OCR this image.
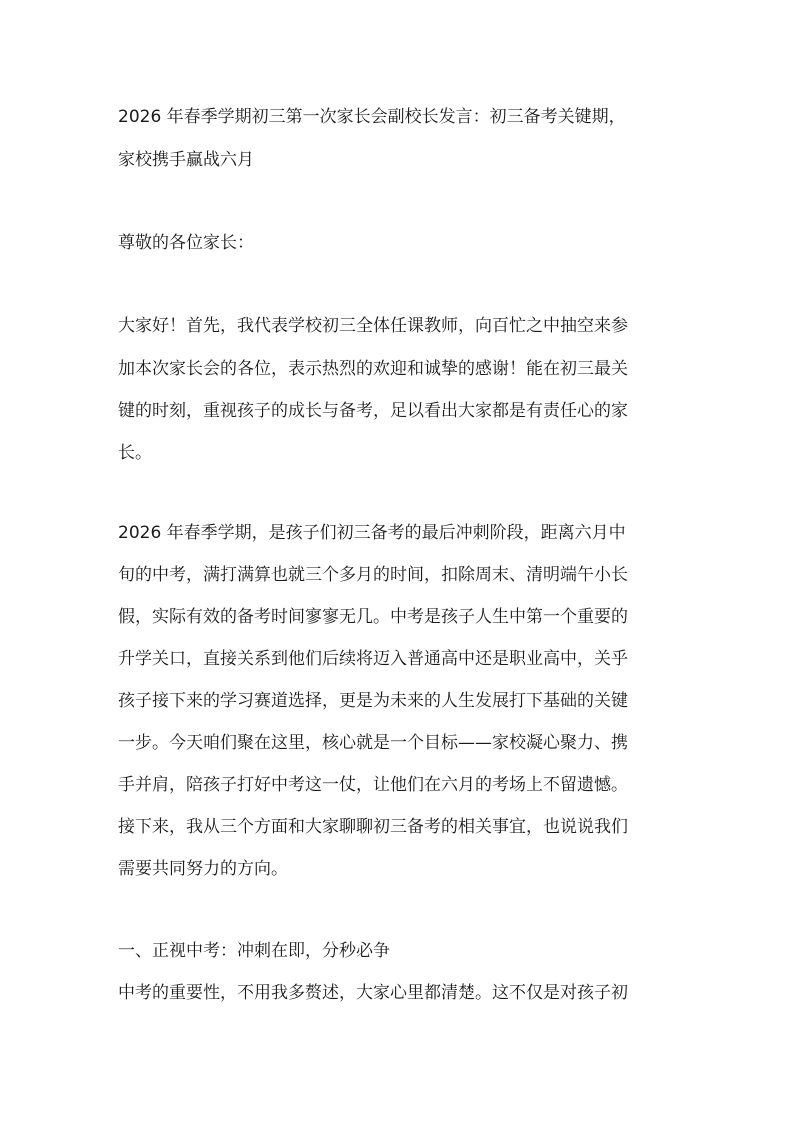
2026 年春季学期初三第一次家长会副校长发言：初三备考关键期，
家校携手赢战六月
尊敬的各位家长：
大家好！首先，我代表学校初三全体任课教师，向百忙之中抽空来参
加本次家长会的各位，表示热烈的欢迎和诚挚的感谢！能在初三最关
键的时刻，重视孩子的成长与备考，足以看出大家都是有责任心的家
长。
2026 年春季学期，是孩子们初三备考的最后冲刺阶段，距离六月中
旬的中考，满打满算也就三个多月的时间，扣除周末、清明端午小长
假，实际有效的备考时间寥寥无几。中考是孩子人生中第一个重要的
升学关口，直接关系到他们后续将迈入普通高中还是职业高中，关乎
孩子接下来的学习赛道选择，更是为未来的人生发展打下基础的关键
一步。今天咱们聚在这里，核心就是一个目标——家校凝心聚力、携
手并肩，陪孩子打好中考这一仗，让他们在六月的考场上不留遗憾。
接下来，我从三个方面和大家聊聊初三备考的相关事宜，也说说我们
需要共同努力的方向。
一、正视中考：冲刺在即，分秒必争
中考的重要性，不用我多赘述，大家心里都清楚。这不仅是对孩子初
